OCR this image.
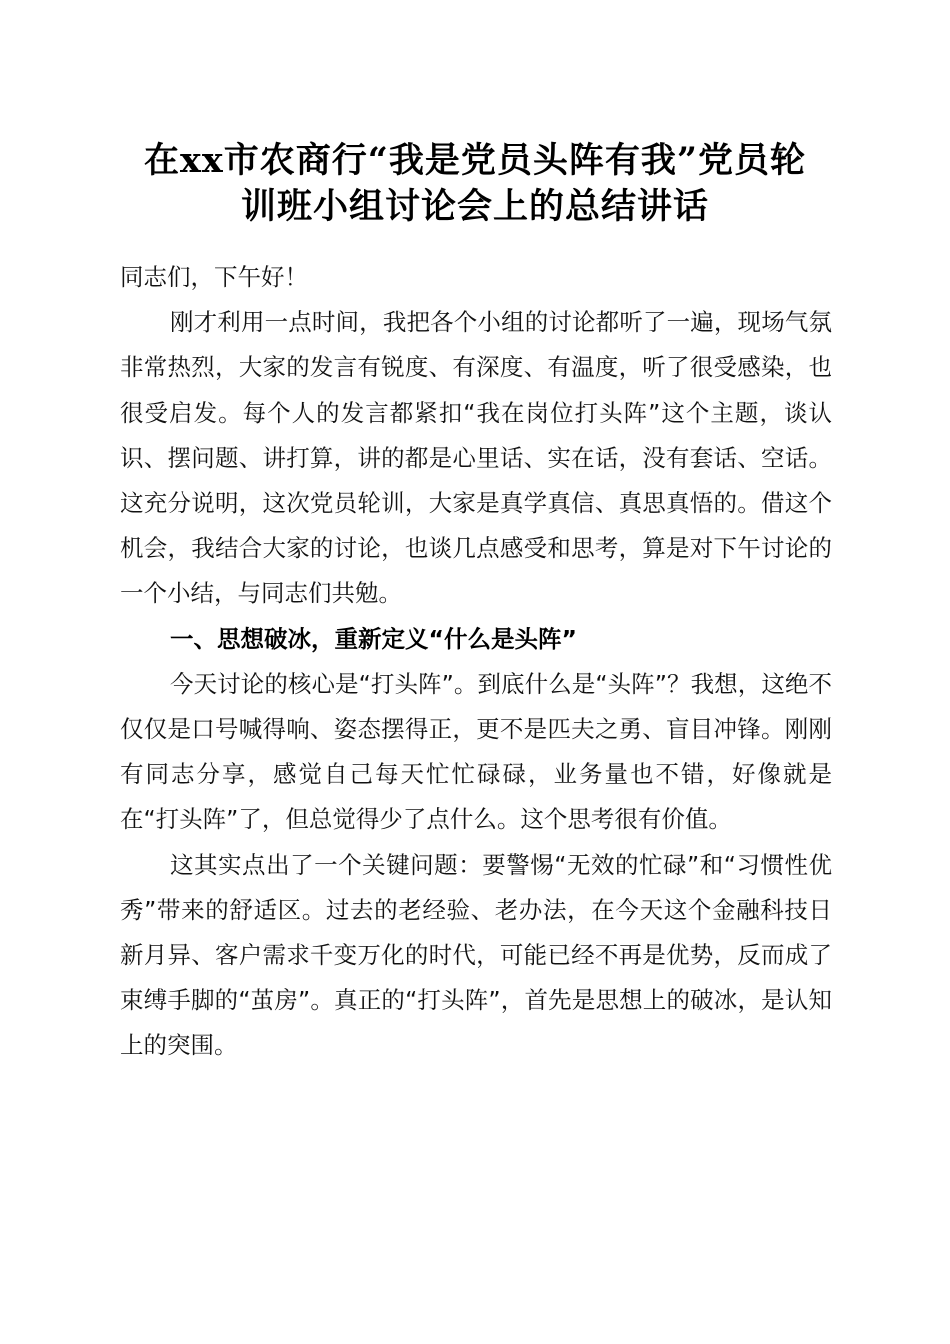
在xx市农商行“我是党员头阵有我”党员轮
训班小组讨论会上的总结讲话

同志们，下午好！

刚才利用一点时间，我把各个小组的讨论都听了一遍，现场气氛非常热烈，大家的发言有锐度、有深度、有温度，听了很受感染，也很受启发。每个人的发言都紧扣“我在岗位打头阵”这个主题，谈认识、摆问题、讲打算，讲的都是心里话、实在话，没有套话、空话。这充分说明，这次党员轮训，大家是真学真信、真思真悟的。借这个机会，我结合大家的讨论，也谈几点感受和思考，算是对下午讨论的一个小结，与同志们共勉。

一、思想破冰，重新定义“什么是头阵”

今天讨论的核心是“打头阵”。到底什么是“头阵”？我想，这绝不仅仅是口号喊得响、姿态摆得正，更不是匹夫之勇、盲目冲锋。刚刚有同志分享，感觉自己每天忙忙碌碌，业务量也不错，好像就是在“打头阵”了，但总觉得少了点什么。这个思考很有价值。

这其实点出了一个关键问题：要警惕“无效的忙碌”和“习惯性优秀”带来的舒适区。过去的老经验、老办法，在今天这个金融科技日新月异、客户需求千变万化的时代，可能已经不再是优势，反而成了束缚手脚的“茧房”。真正的“打头阵”，首先是思想上的破冰，是认知上的突围。
